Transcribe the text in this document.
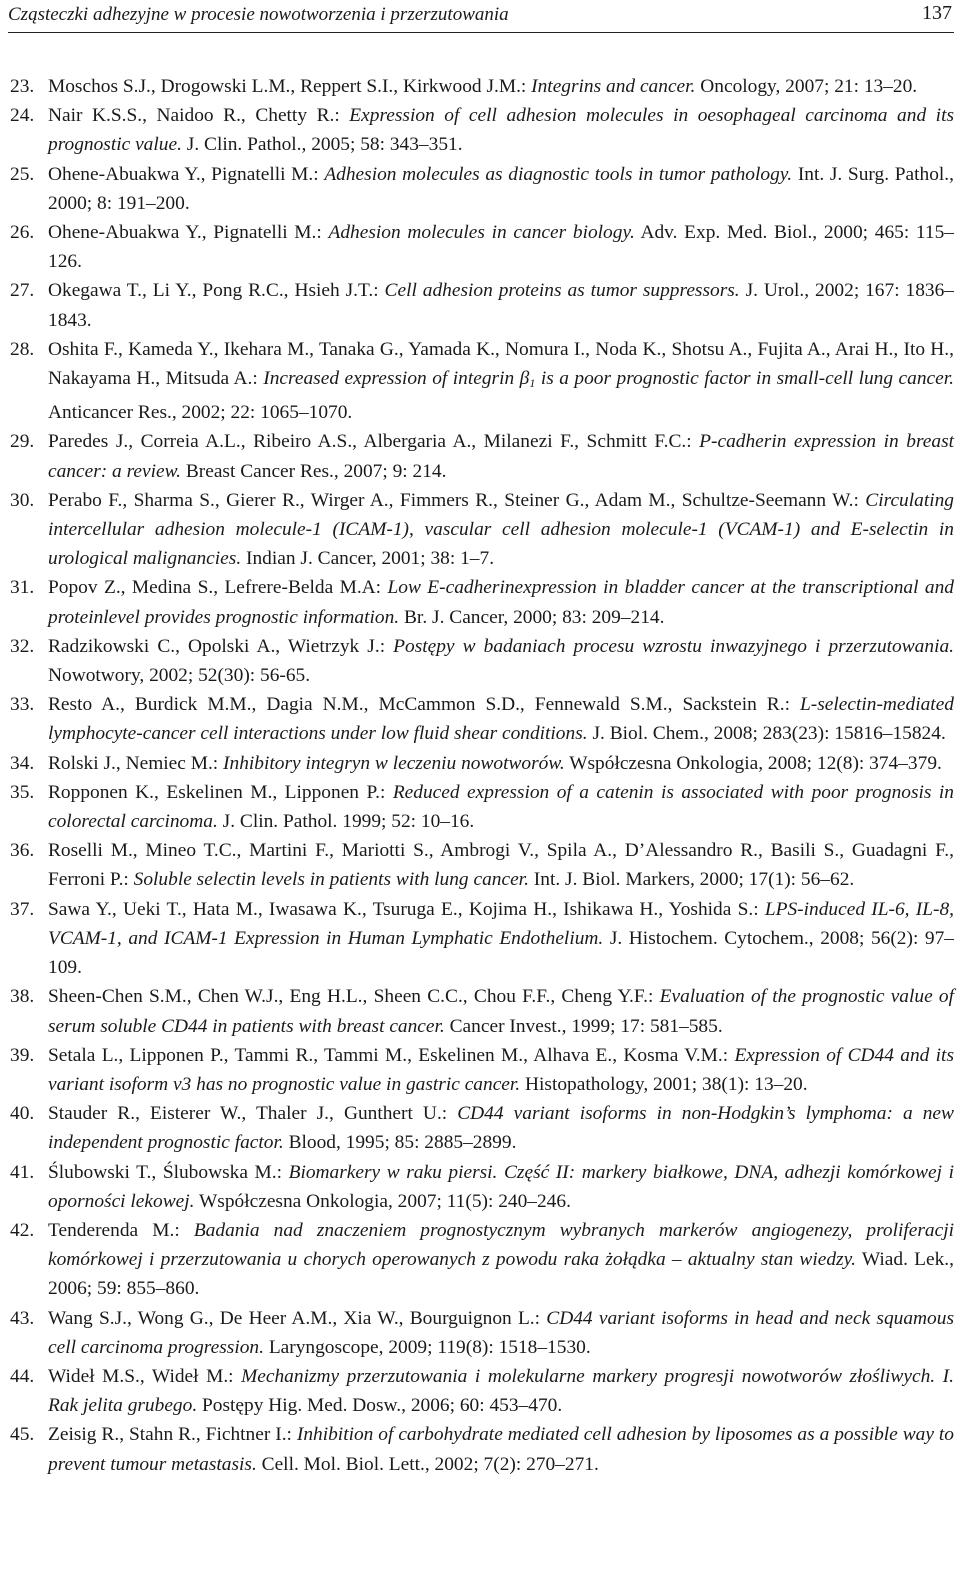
Cząsteczki adhezyjne w procesie nowotworzenia i przerzutowania	137
23. Moschos S.J., Drogowski L.M., Reppert S.I., Kirkwood J.M.: Integrins and cancer. Oncology, 2007; 21: 13–20.
24. Nair K.S.S., Naidoo R., Chetty R.: Expression of cell adhesion molecules in oesophageal carcinoma and its prognostic value. J. Clin. Pathol., 2005; 58: 343–351.
25. Ohene-Abuakwa Y., Pignatelli M.: Adhesion molecules as diagnostic tools in tumor pathology. Int. J. Surg. Pathol., 2000; 8: 191–200.
26. Ohene-Abuakwa Y., Pignatelli M.: Adhesion molecules in cancer biology. Adv. Exp. Med. Biol., 2000; 465: 115–126.
27. Okegawa T., Li Y., Pong R.C., Hsieh J.T.: Cell adhesion proteins as tumor suppressors. J. Urol., 2002; 167: 1836–1843.
28. Oshita F., Kameda Y., Ikehara M., Tanaka G., Yamada K., Nomura I., Noda K., Shotsu A., Fujita A., Arai H., Ito H., Nakayama H., Mitsuda A.: Increased expression of integrin $\beta_1$ is a poor prognostic factor in small-cell lung cancer. Anticancer Res., 2002; 22: 1065–1070.
29. Paredes J., Correia A.L., Ribeiro A.S., Albergaria A., Milanezi F., Schmitt F.C.: P-cadherin expression in breast cancer: a review. Breast Cancer Res., 2007; 9: 214.
30. Perabo F., Sharma S., Gierer R., Wirger A., Fimmers R., Steiner G., Adam M., Schultze-Seemann W.: Circulating intercellular adhesion molecule-1 (ICAM-1), vascular cell adhesion molecule-1 (VCAM-1) and E-selectin in urological malignancies. Indian J. Cancer, 2001; 38: 1–7.
31. Popov Z., Medina S., Lefrere-Belda M.A: Low E-cadherinexpression in bladder cancer at the transcriptional and proteinlevel provides prognostic information. Br. J. Cancer, 2000; 83: 209–214.
32. Radzikowski C., Opolski A., Wietrzyk J.: Postępy w badaniach procesu wzrostu inwazyjnego i przerzutowania. Nowotwory, 2002; 52(30): 56-65.
33. Resto A., Burdick M.M., Dagia N.M., McCammon S.D., Fennewald S.M., Sackstein R.: L-selectin-mediated lymphocyte-cancer cell interactions under low fluid shear conditions. J. Biol. Chem., 2008; 283(23): 15816–15824.
34. Rolski J., Nemiec M.: Inhibitory integryn w leczeniu nowotworów. Współczesna Onkologia, 2008; 12(8): 374–379.
35. Ropponen K., Eskelinen M., Lipponen P.: Reduced expression of a catenin is associated with poor prognosis in colorectal carcinoma. J. Clin. Pathol. 1999; 52: 10–16.
36. Roselli M., Mineo T.C., Martini F., Mariotti S., Ambrogi V., Spila A., D’Alessandro R., Basili S., Guadagni F., Ferroni P.: Soluble selectin levels in patients with lung cancer. Int. J. Biol. Markers, 2000; 17(1): 56–62.
37. Sawa Y., Ueki T., Hata M., Iwasawa K., Tsuruga E., Kojima H., Ishikawa H., Yoshida S.: LPS-induced IL-6, IL-8, VCAM-1, and ICAM-1 Expression in Human Lymphatic Endothelium. J. Histochem. Cytochem., 2008; 56(2): 97–109.
38. Sheen-Chen S.M., Chen W.J., Eng H.L., Sheen C.C., Chou F.F., Cheng Y.F.: Evaluation of the prognostic value of serum soluble CD44 in patients with breast cancer. Cancer Invest., 1999; 17: 581–585.
39. Setala L., Lipponen P., Tammi R., Tammi M., Eskelinen M., Alhava E., Kosma V.M.: Expression of CD44 and its variant isoform v3 has no prognostic value in gastric cancer. Histopathology, 2001; 38(1): 13–20.
40. Stauder R., Eisterer W., Thaler J., Gunthert U.: CD44 variant isoforms in non-Hodgkin’s lymphoma: a new independent prognostic factor. Blood, 1995; 85: 2885–2899.
41. Ślubowski T., Ślubowska M.: Biomarkery w raku piersi. Część II: markery białkowe, DNA, adhezji komórkowej i oporności lekowej. Współczesna Onkologia, 2007; 11(5): 240–246.
42. Tenderenda M.: Badania nad znaczeniem prognostycznym wybranych markerów angiogenezy, proliferacji komórkowej i przerzutowania u chorych operowanych z powodu raka żołądka – aktualny stan wiedzy. Wiad. Lek., 2006; 59: 855–860.
43. Wang S.J., Wong G., De Heer A.M., Xia W., Bourguignon L.: CD44 variant isoforms in head and neck squamous cell carcinoma progression. Laryngoscope, 2009; 119(8): 1518–1530.
44. Wideł M.S., Wideł M.: Mechanizmy przerzutowania i molekularne markery progresji nowotworów złośliwych. I. Rak jelita grubego. Postępy Hig. Med. Dosw., 2006; 60: 453–470.
45. Zeisig R., Stahn R., Fichtner I.: Inhibition of carbohydrate mediated cell adhesion by liposomes as a possible way to prevent tumour metastasis. Cell. Mol. Biol. Lett., 2002; 7(2): 270–271.
